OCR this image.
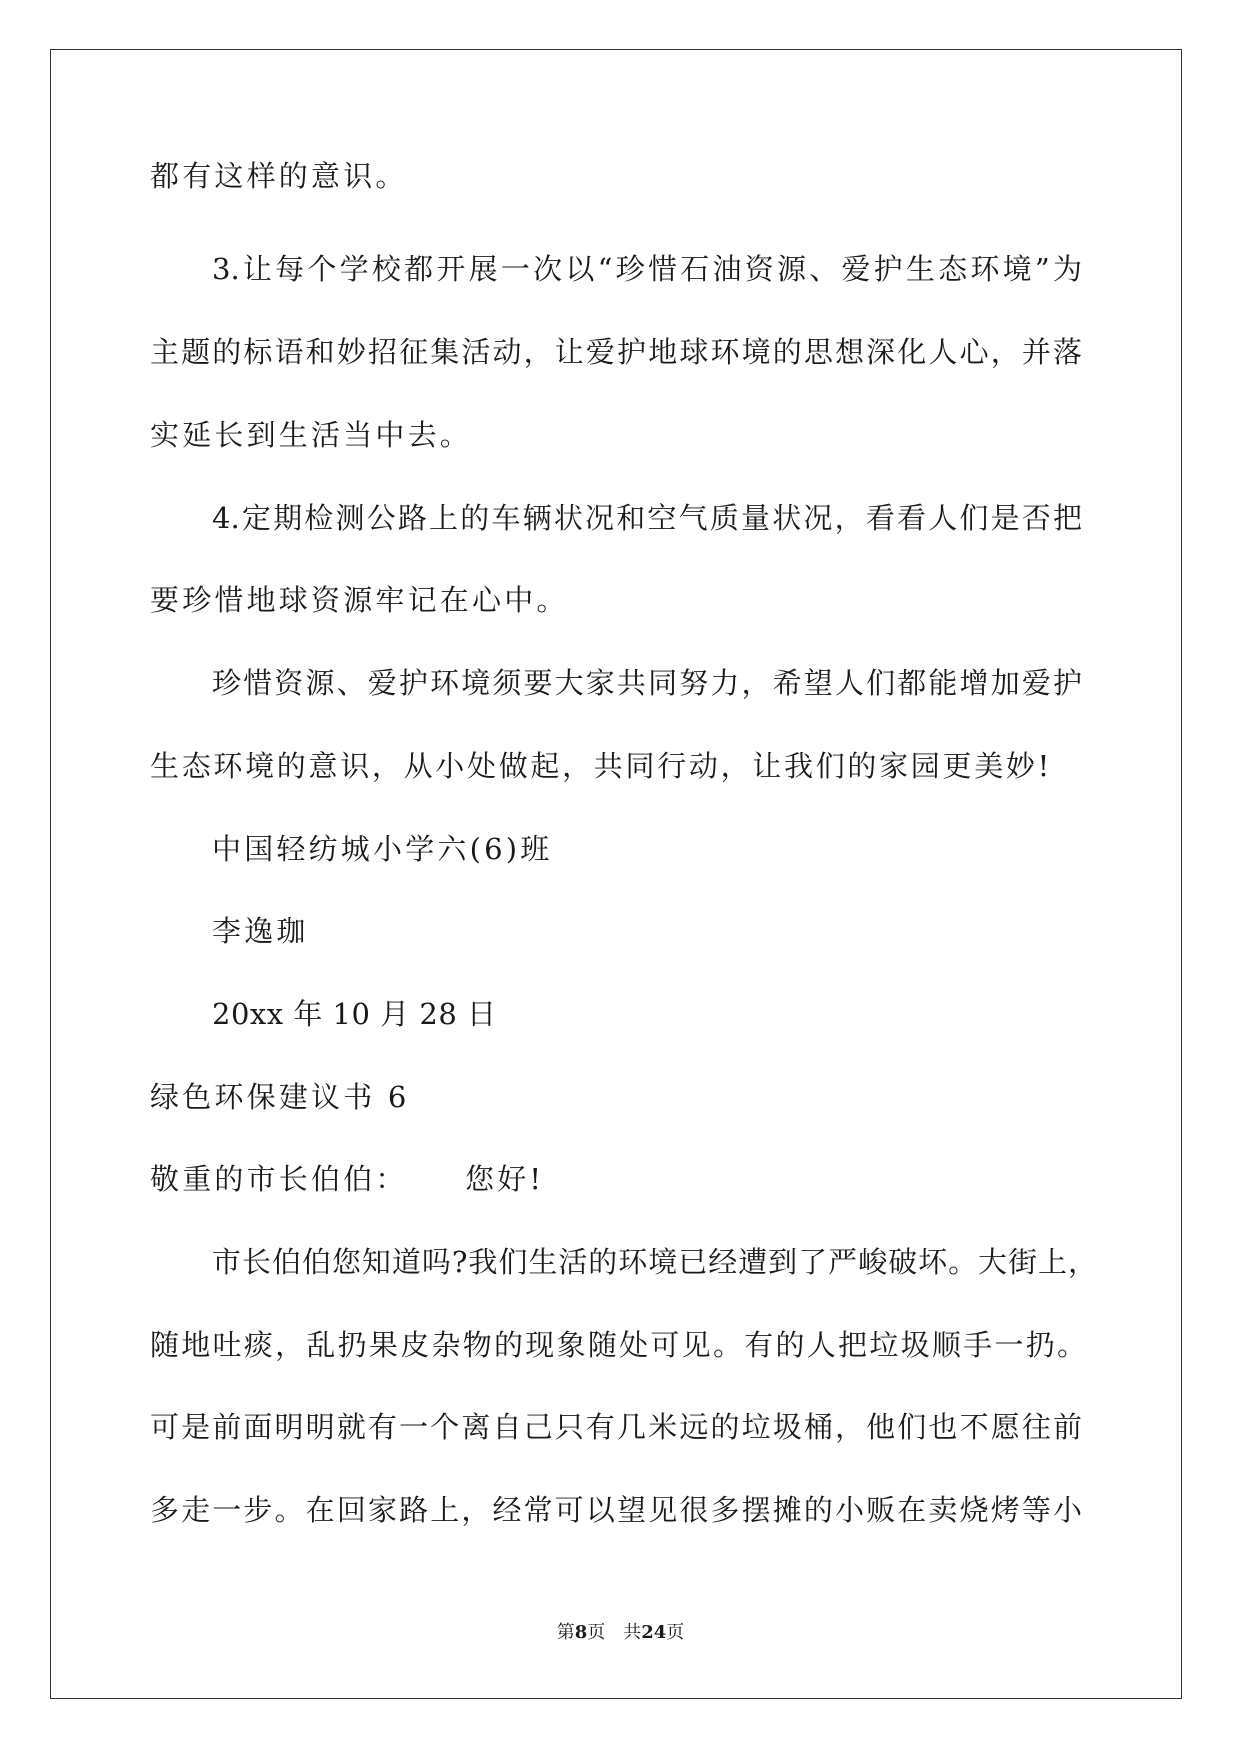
都有这样的意识。
3.让每个学校都开展一次以“珍惜石油资源、爱护生态环境”为
主题的标语和妙招征集活动，让爱护地球环境的思想深化人心，并落
实延长到生活当中去。
4.定期检测公路上的车辆状况和空气质量状况，看看人们是否把
要珍惜地球资源牢记在心中。
珍惜资源、爱护环境须要大家共同努力，希望人们都能增加爱护
生态环境的意识，从小处做起，共同行动，让我们的家园更美妙!
中国轻纺城小学六(6)班
李逸珈
20xx 年 10 月 28 日
绿色环保建议书 6
敬重的市长伯伯： 您好!
市长伯伯您知道吗?我们生活的环境已经遭到了严峻破坏。大街上，
随地吐痰，乱扔果皮杂物的现象随处可见。有的人把垃圾顺手一扔。
可是前面明明就有一个离自己只有几米远的垃圾桶，他们也不愿往前
多走一步。在回家路上，经常可以望见很多摆摊的小贩在卖烧烤等小
第8页 共24页
